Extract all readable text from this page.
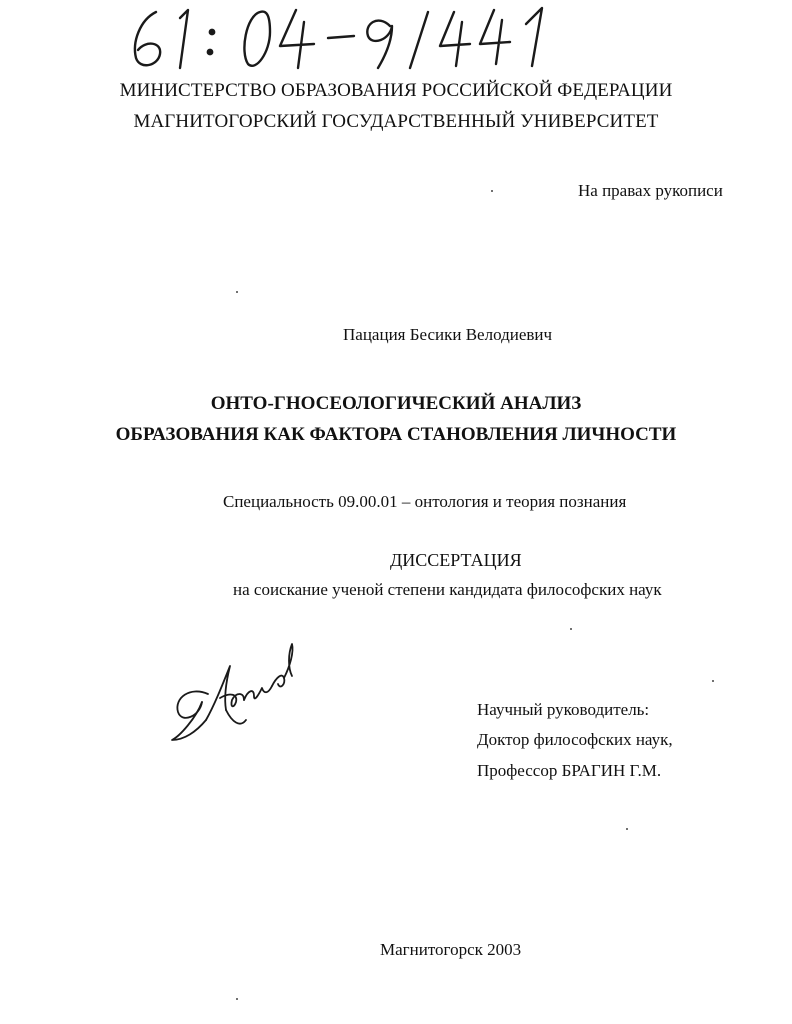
МИНИСТЕРСТВО ОБРАЗОВАНИЯ РОССИЙСКОЙ ФЕДЕРАЦИИ
МАГНИТОГОРСКИЙ ГОСУДАРСТВЕННЫЙ УНИВЕРСИТЕТ
На правах рукописи
Пацация Бесики Велодиевич
ОНТО-ГНОСЕОЛОГИЧЕСКИЙ АНАЛИЗ
ОБРАЗОВАНИЯ КАК ФАКТОРА СТАНОВЛЕНИЯ ЛИЧНОСТИ
Специальность 09.00.01 – онтология и теория познания
ДИССЕРТАЦИЯ
на соискание ученой степени кандидата философских наук
Научный руководитель:
Доктор философских наук,
Профессор БРАГИН Г.М.
Магнитогорск 2003
